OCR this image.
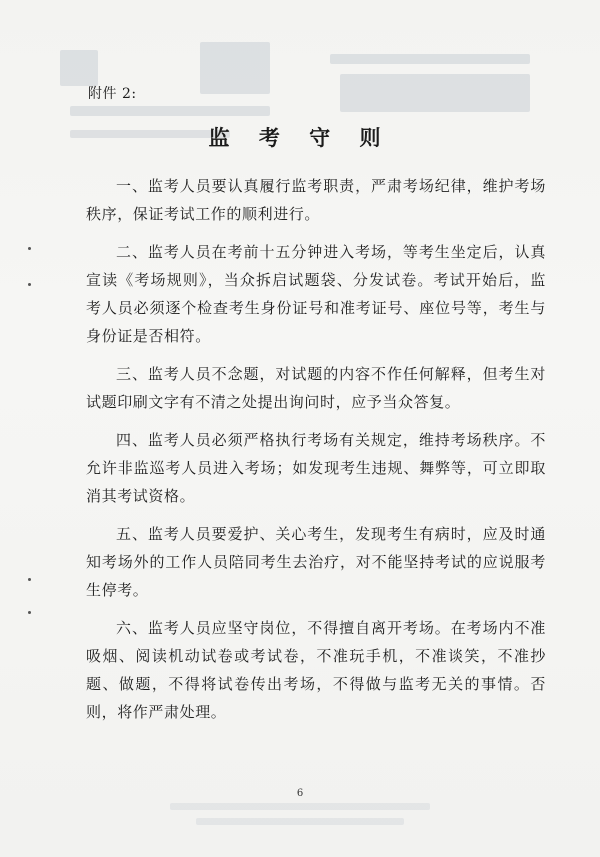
附件 2:
监 考 守 则

一、监考人员要认真履行监考职责，严肃考场纪律，维护考场秩序，保证考试工作的顺利进行。

二、监考人员在考前十五分钟进入考场，等考生坐定后，认真宣读《考场规则》，当众拆启试题袋、分发试卷。考试开始后，监考人员必须逐个检查考生身份证号和准考证号、座位号等，考生与身份证是否相符。

三、监考人员不念题，对试题的内容不作任何解释，但考生对试题印刷文字有不清之处提出询问时，应予当众答复。

四、监考人员必须严格执行考场有关规定，维持考场秩序。不允许非监巡考人员进入考场；如发现考生违规、舞弊等，可立即取消其考试资格。

五、监考人员要爱护、关心考生，发现考生有病时，应及时通知考场外的工作人员陪同考生去治疗，对不能坚持考试的应说服考生停考。

六、监考人员应坚守岗位，不得擅自离开考场。在考场内不准吸烟、阅读机动试卷或考试卷，不准玩手机，不准谈笑，不准抄题、做题，不得将试卷传出考场，不得做与监考无关的事情。否则，将作严肃处理。

6
